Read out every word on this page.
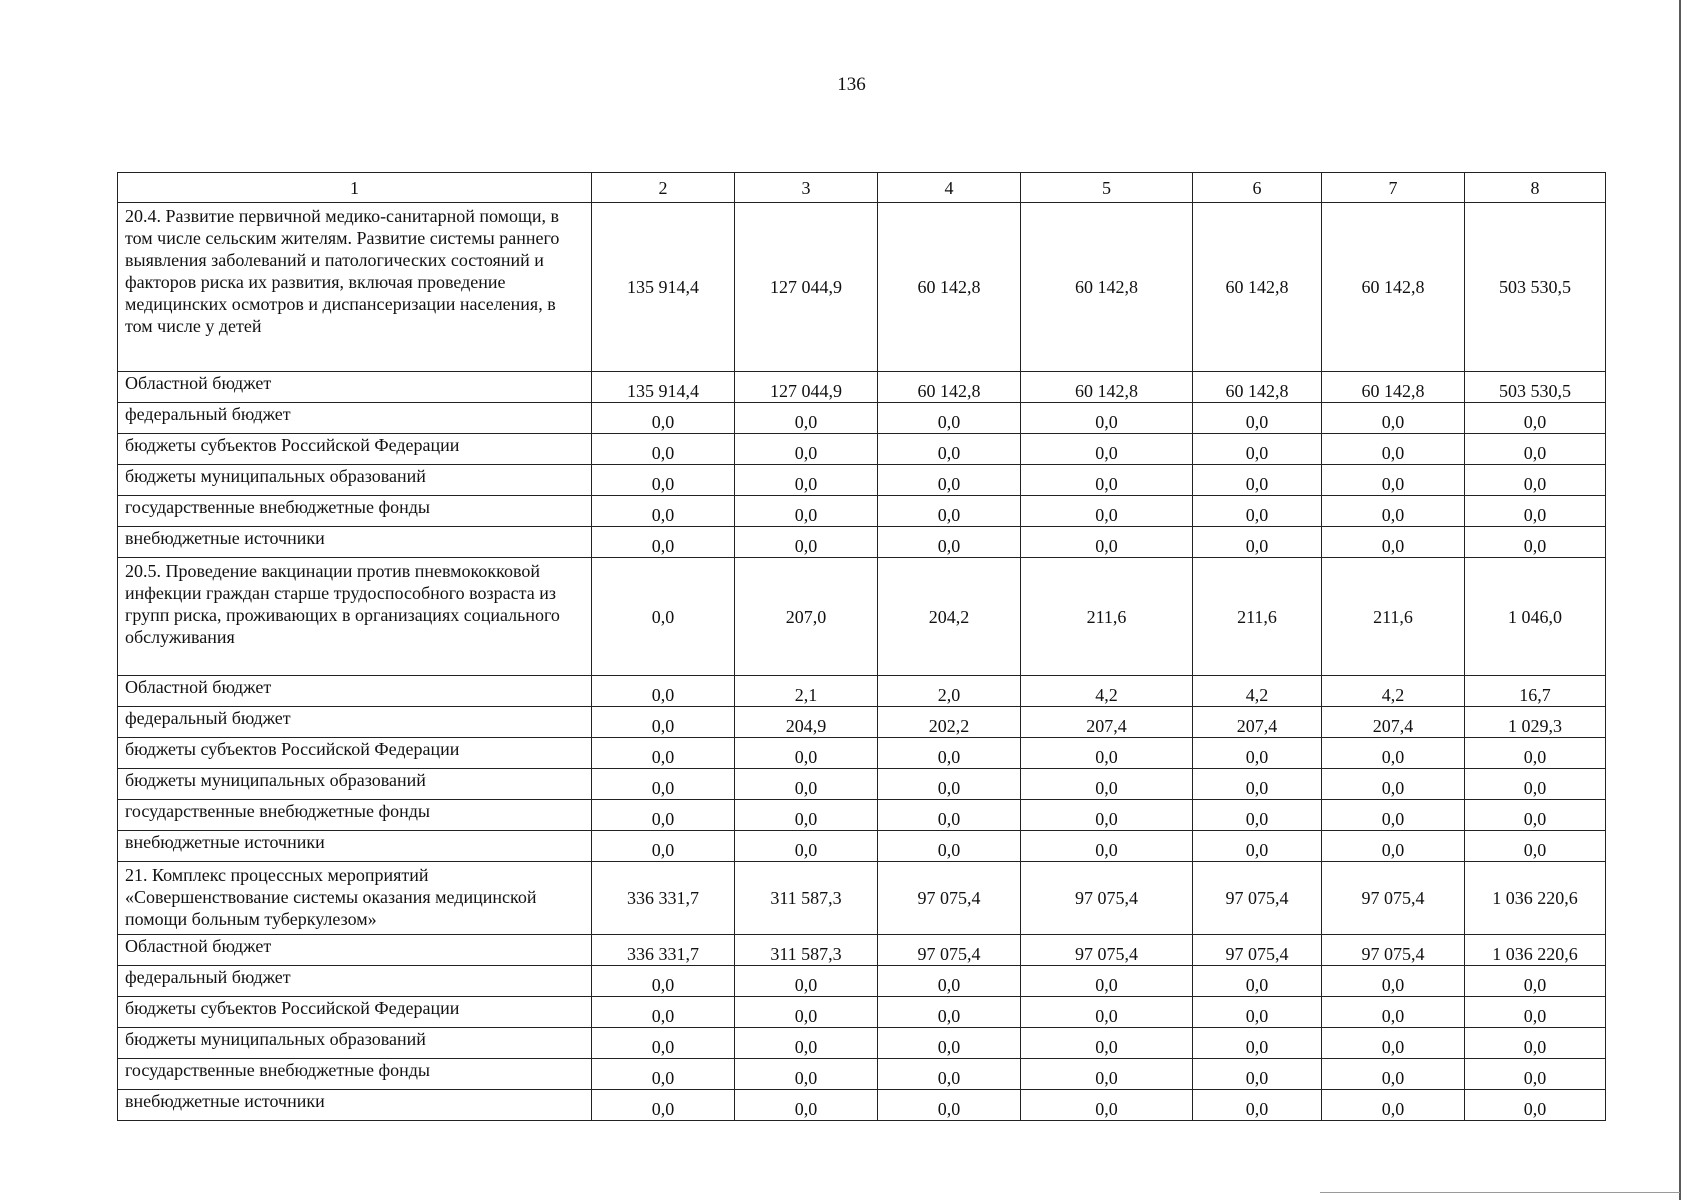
136
1	2	3	4	5	6	7	8
20.4. Развитие первичной медико-санитарной помощи, в том числе сельским жителям. Развитие системы раннего выявления заболеваний и патологических состояний и факторов риска их развития, включая проведение медицинских осмотров и диспансеризации населения, в том числе у детей	135 914,4	127 044,9	60 142,8	60 142,8	60 142,8	60 142,8	503 530,5
Областной бюджет	135 914,4	127 044,9	60 142,8	60 142,8	60 142,8	60 142,8	503 530,5
федеральный бюджет	0,0	0,0	0,0	0,0	0,0	0,0	0,0
бюджеты субъектов Российской Федерации	0,0	0,0	0,0	0,0	0,0	0,0	0,0
бюджеты муниципальных образований	0,0	0,0	0,0	0,0	0,0	0,0	0,0
государственные внебюджетные фонды	0,0	0,0	0,0	0,0	0,0	0,0	0,0
внебюджетные источники	0,0	0,0	0,0	0,0	0,0	0,0	0,0
20.5. Проведение вакцинации против пневмококковой инфекции граждан старше трудоспособного возраста из групп риска, проживающих в организациях социального обслуживания	0,0	207,0	204,2	211,6	211,6	211,6	1 046,0
Областной бюджет	0,0	2,1	2,0	4,2	4,2	4,2	16,7
федеральный бюджет	0,0	204,9	202,2	207,4	207,4	207,4	1 029,3
бюджеты субъектов Российской Федерации	0,0	0,0	0,0	0,0	0,0	0,0	0,0
бюджеты муниципальных образований	0,0	0,0	0,0	0,0	0,0	0,0	0,0
государственные внебюджетные фонды	0,0	0,0	0,0	0,0	0,0	0,0	0,0
внебюджетные источники	0,0	0,0	0,0	0,0	0,0	0,0	0,0
21. Комплекс процессных мероприятий «Совершенствование системы оказания медицинской помощи больным туберкулезом»	336 331,7	311 587,3	97 075,4	97 075,4	97 075,4	97 075,4	1 036 220,6
Областной бюджет	336 331,7	311 587,3	97 075,4	97 075,4	97 075,4	97 075,4	1 036 220,6
федеральный бюджет	0,0	0,0	0,0	0,0	0,0	0,0	0,0
бюджеты субъектов Российской Федерации	0,0	0,0	0,0	0,0	0,0	0,0	0,0
бюджеты муниципальных образований	0,0	0,0	0,0	0,0	0,0	0,0	0,0
государственные внебюджетные фонды	0,0	0,0	0,0	0,0	0,0	0,0	0,0
внебюджетные источники	0,0	0,0	0,0	0,0	0,0	0,0	0,0
